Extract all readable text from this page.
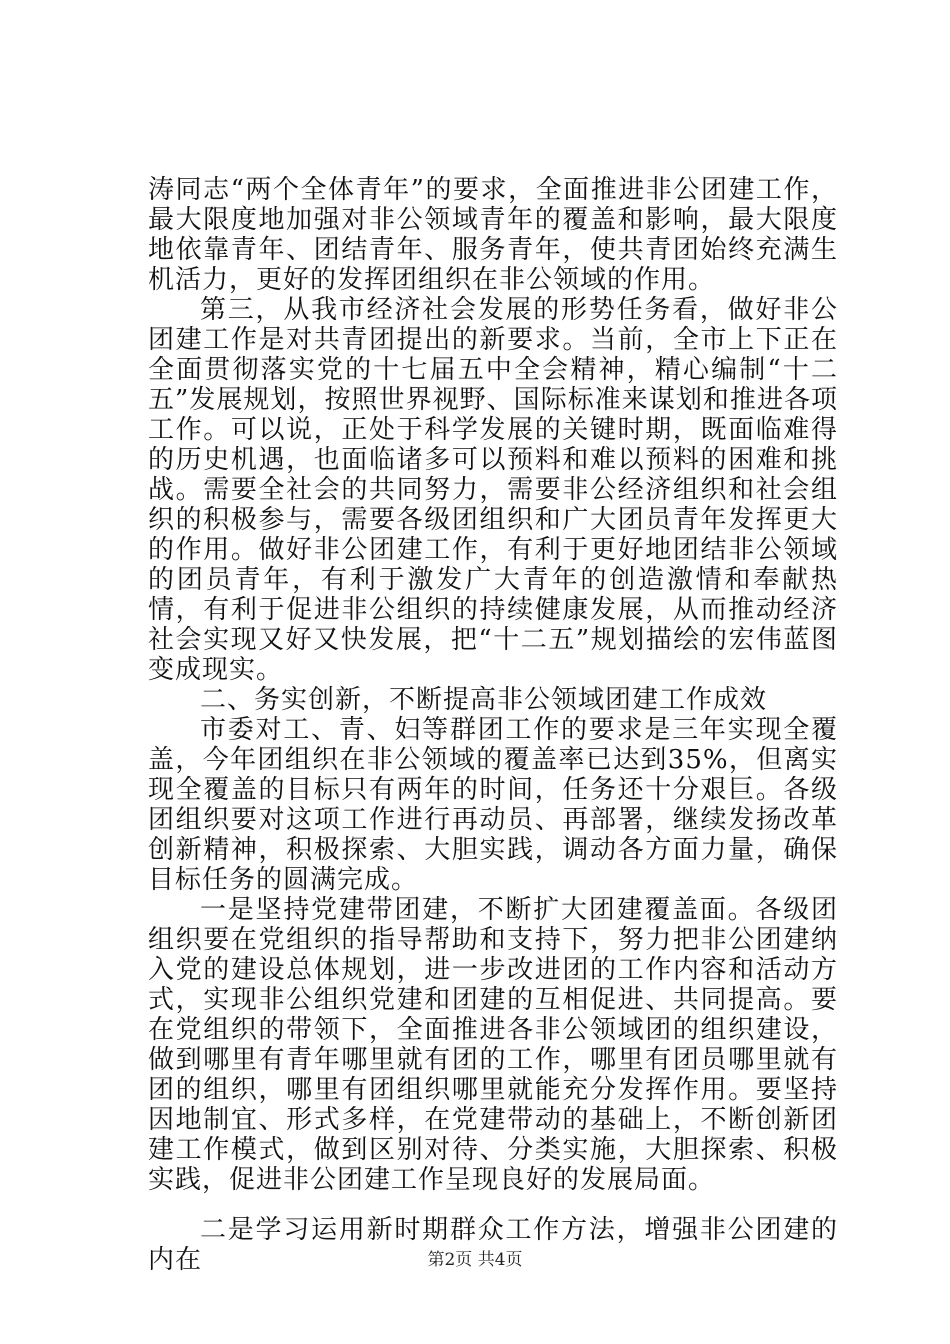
涛同志“两个全体青年”的要求，全面推进非公团建工作，最大限度地加强对非公领域青年的覆盖和影响，最大限度地依靠青年、团结青年、服务青年，使共青团始终充满生机活力，更好的发挥团组织在非公领域的作用。

第三，从我市经济社会发展的形势任务看，做好非公团建工作是对共青团提出的新要求。当前，全市上下正在全面贯彻落实党的十七届五中全会精神，精心编制“十二五”发展规划，按照世界视野、国际标准来谋划和推进各项工作。可以说，正处于科学发展的关键时期，既面临难得的历史机遇，也面临诸多可以预料和难以预料的困难和挑战。需要全社会的共同努力，需要非公经济组织和社会组织的积极参与，需要各级团组织和广大团员青年发挥更大的作用。做好非公团建工作，有利于更好地团结非公领域的团员青年，有利于激发广大青年的创造激情和奉献热情，有利于促进非公组织的持续健康发展，从而推动经济社会实现又好又快发展，把“十二五”规划描绘的宏伟蓝图变成现实。

二、务实创新，不断提高非公领域团建工作成效

市委对工、青、妇等群团工作的要求是三年实现全覆盖，今年团组织在非公领域的覆盖率已达到35%，但离实现全覆盖的目标只有两年的时间，任务还十分艰巨。各级团组织要对这项工作进行再动员、再部署，继续发扬改革创新精神，积极探索、大胆实践，调动各方面力量，确保目标任务的圆满完成。

一是坚持党建带团建，不断扩大团建覆盖面。各级团组织要在党组织的指导帮助和支持下，努力把非公团建纳入党的建设总体规划，进一步改进团的工作内容和活动方式，实现非公组织党建和团建的互相促进、共同提高。要在党组织的带领下，全面推进各非公领域团的组织建设，做到哪里有青年哪里就有团的工作，哪里有团员哪里就有团的组织，哪里有团组织哪里就能充分发挥作用。要坚持因地制宜、形式多样，在党建带动的基础上，不断创新团建工作模式，做到区别对待、分类实施，大胆探索、积极实践，促进非公团建工作呈现良好的发展局面。

二是学习运用新时期群众工作方法，增强非公团建的内在	第2页 共4页
